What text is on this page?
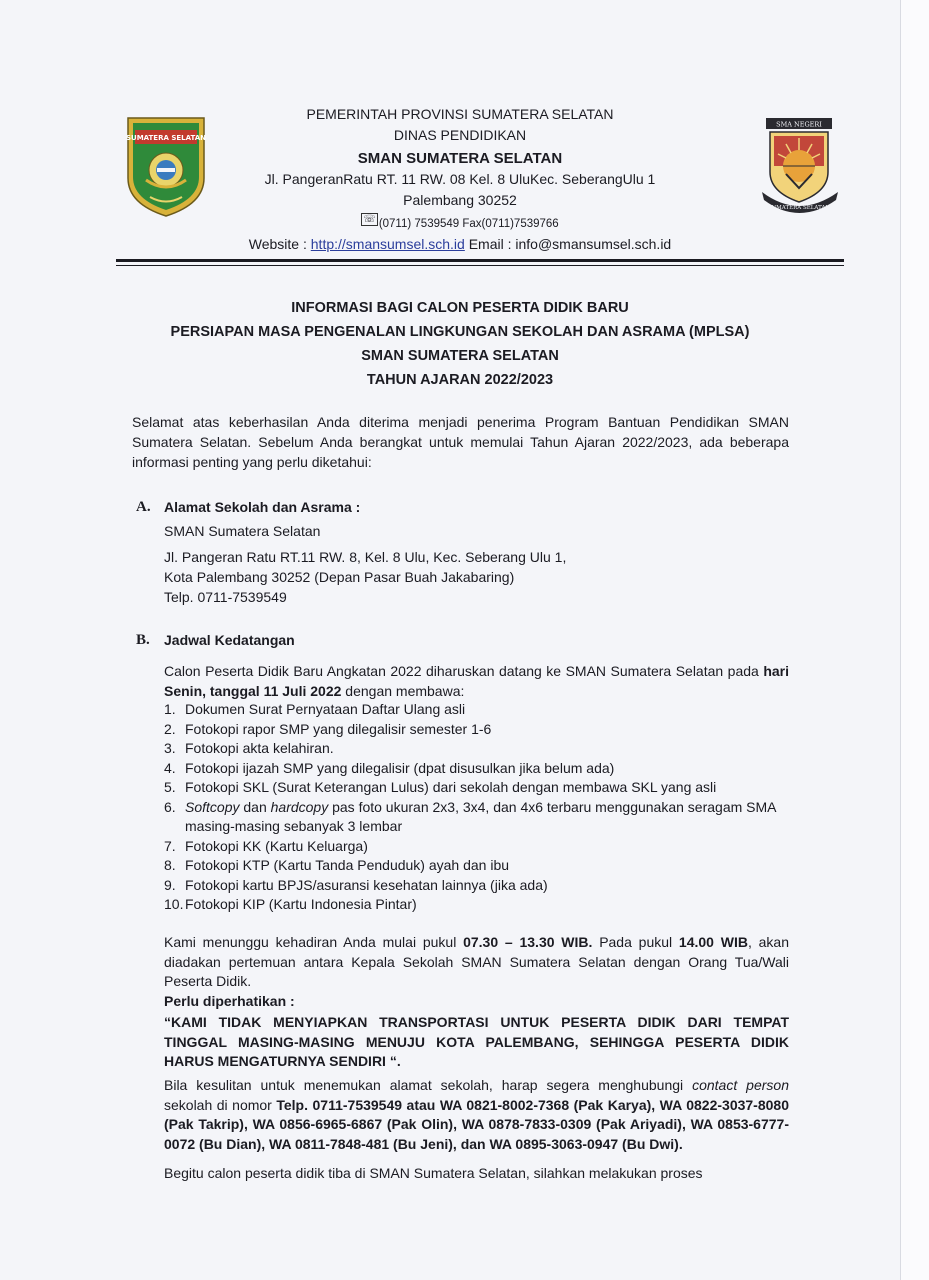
SUMATERA SELATAN
SMA NEGERI
SUMATERA SELATAN
PEMERINTAH PROVINSI SUMATERA SELATAN
DINAS PENDIDIKAN
SMAN SUMATERA SELATAN
Jl. PangeranRatu RT. 11 RW. 08 Kel. 8 UluKec. SeberangUlu 1
Palembang 30252
☏ (0711) 7539549 Fax(0711)7539766
Website : http://smansumsel.sch.id Email : info@smansumsel.sch.id
INFORMASI BAGI CALON PESERTA DIDIK BARU
PERSIAPAN MASA PENGENALAN LINGKUNGAN SEKOLAH DAN ASRAMA (MPLSA)
SMAN SUMATERA SELATAN
TAHUN AJARAN 2022/2023
Selamat atas keberhasilan Anda diterima menjadi penerima Program Bantuan Pendidikan SMAN Sumatera Selatan. Sebelum Anda berangkat untuk memulai Tahun Ajaran 2022/2023, ada beberapa informasi penting yang perlu diketahui:
A. Alamat Sekolah dan Asrama :
SMAN Sumatera Selatan
Jl. Pangeran Ratu RT.11 RW. 8, Kel. 8 Ulu, Kec. Seberang Ulu 1,
Kota Palembang 30252 (Depan Pasar Buah Jakabaring)
Telp. 0711-7539549
B. Jadwal Kedatangan
Calon Peserta Didik Baru Angkatan 2022 diharuskan datang ke SMAN Sumatera Selatan pada hari Senin, tanggal 11 Juli 2022 dengan membawa:
1. Dokumen Surat Pernyataan Daftar Ulang asli
2. Fotokopi rapor SMP yang dilegalisir semester 1-6
3. Fotokopi akta kelahiran.
4. Fotokopi ijazah SMP yang dilegalisir (dpat disusulkan jika belum ada)
5. Fotokopi SKL (Surat Keterangan Lulus) dari sekolah dengan membawa SKL yang asli
6. Softcopy dan hardcopy pas foto ukuran 2x3, 3x4, dan 4x6 terbaru menggunakan seragam SMA masing-masing sebanyak 3 lembar
7. Fotokopi KK (Kartu Keluarga)
8. Fotokopi KTP (Kartu Tanda Penduduk) ayah dan ibu
9. Fotokopi kartu BPJS/asuransi kesehatan lainnya (jika ada)
10. Fotokopi KIP (Kartu Indonesia Pintar)
Kami menunggu kehadiran Anda mulai pukul 07.30 – 13.30 WIB. Pada pukul 14.00 WIB, akan diadakan pertemuan antara Kepala Sekolah SMAN Sumatera Selatan dengan Orang Tua/Wali Peserta Didik.
Perlu diperhatikan :
“KAMI TIDAK MENYIAPKAN TRANSPORTASI UNTUK PESERTA DIDIK DARI TEMPAT TINGGAL MASING-MASING MENUJU KOTA PALEMBANG, SEHINGGA PESERTA DIDIK HARUS MENGATURNYA SENDIRI “.
Bila kesulitan untuk menemukan alamat sekolah, harap segera menghubungi contact person sekolah di nomor Telp. 0711-7539549 atau WA 0821-8002-7368 (Pak Karya), WA 0822-3037-8080 (Pak Takrip), WA 0856-6965-6867 (Pak Olin), WA 0878-7833-0309 (Pak Ariyadi), WA 0853-6777-0072 (Bu Dian), WA 0811-7848-481 (Bu Jeni), dan WA 0895-3063-0947 (Bu Dwi).
Begitu calon peserta didik tiba di SMAN Sumatera Selatan, silahkan melakukan proses
